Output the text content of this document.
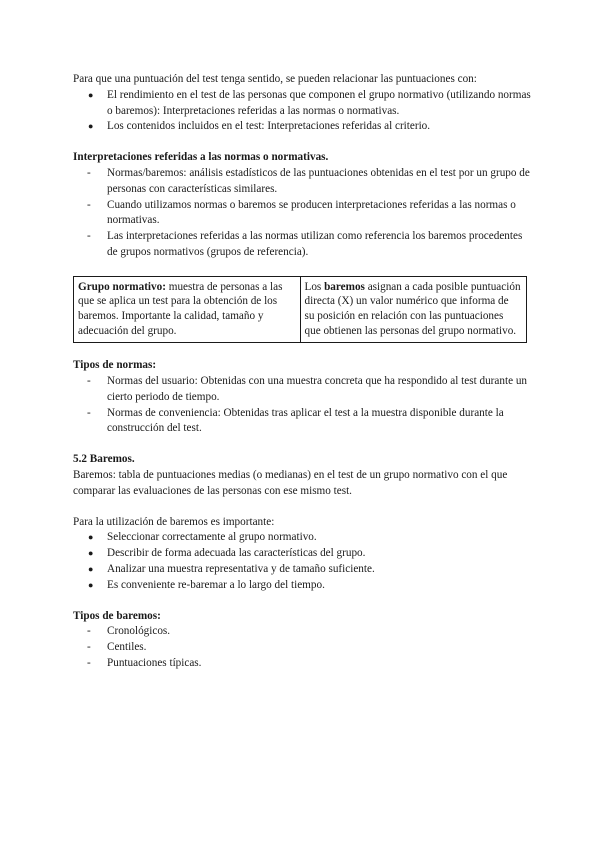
Para que una puntuación del test tenga sentido, se pueden relacionar las puntuaciones con:

● El rendimiento en el test de las personas que componen el grupo normativo (utilizando normas o baremos): Interpretaciones referidas a las normas o normativas.
● Los contenidos incluidos en el test: Interpretaciones referidas al criterio.

Interpretaciones referidas a las normas o normativas.

- Normas/baremos: análisis estadísticos de las puntuaciones obtenidas en el test por un grupo de personas con características similares.
- Cuando utilizamos normas o baremos se producen interpretaciones referidas a las normas o normativas.
- Las interpretaciones referidas a las normas utilizan como referencia los baremos procedentes de grupos normativos (grupos de referencia).
Grupo normativo: muestra de personas a las que se aplica un test para la obtención de los baremos. Importante la calidad, tamaño y adecuación del grupo.	Los baremos asignan a cada posible puntuación directa (X) un valor numérico que informa de su posición en relación con las puntuaciones que obtienen las personas del grupo normativo.

Tipos de normas:

- Normas del usuario: Obtenidas con una muestra concreta que ha respondido al test durante un cierto periodo de tiempo.
- Normas de conveniencia: Obtenidas tras aplicar el test a la muestra disponible durante la construcción del test.

5.2 Baremos.

Baremos: tabla de puntuaciones medias (o medianas) en el test de un grupo normativo con el que comparar las evaluaciones de las personas con ese mismo test.

Para la utilización de baremos es importante:

● Seleccionar correctamente al grupo normativo.
● Describir de forma adecuada las características del grupo.
● Analizar una muestra representativa y de tamaño suficiente.
● Es conveniente re-baremar a lo largo del tiempo.

Tipos de baremos:

- Cronológicos.
- Centiles.
- Puntuaciones típicas.
